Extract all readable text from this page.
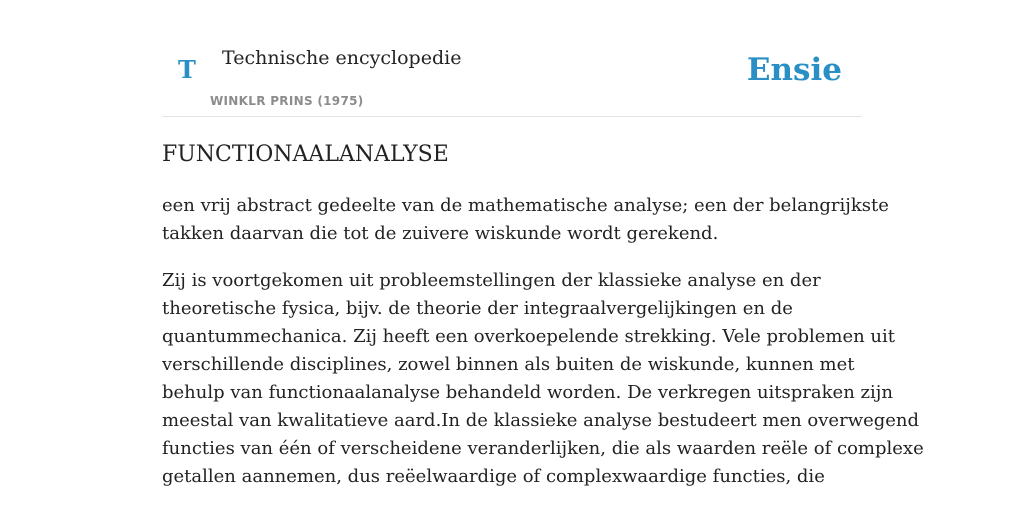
T Technische encyclopedie
WINKLR PRINS (1975)
Ensie
FUNCTIONAALANALYSE

een vrij abstract gedeelte van de mathematische analyse; een der belangrijkste
takken daarvan die tot de zuivere wiskunde wordt gerekend.

Zij is voortgekomen uit probleemstellingen der klassieke analyse en der
theoretische fysica, bijv. de theorie der integraalvergelijkingen en de
quantummechanica. Zij heeft een overkoepelende strekking. Vele problemen uit
verschillende disciplines, zowel binnen als buiten de wiskunde, kunnen met
behulp van functionaalanalyse behandeld worden. De verkregen uitspraken zijn
meestal van kwalitatieve aard.In de klassieke analyse bestudeert men overwegend
functies van één of verscheidene veranderlijken, die als waarden reële of complexe
getallen aannemen, dus reëelwaardige of complexwaardige functies, die
